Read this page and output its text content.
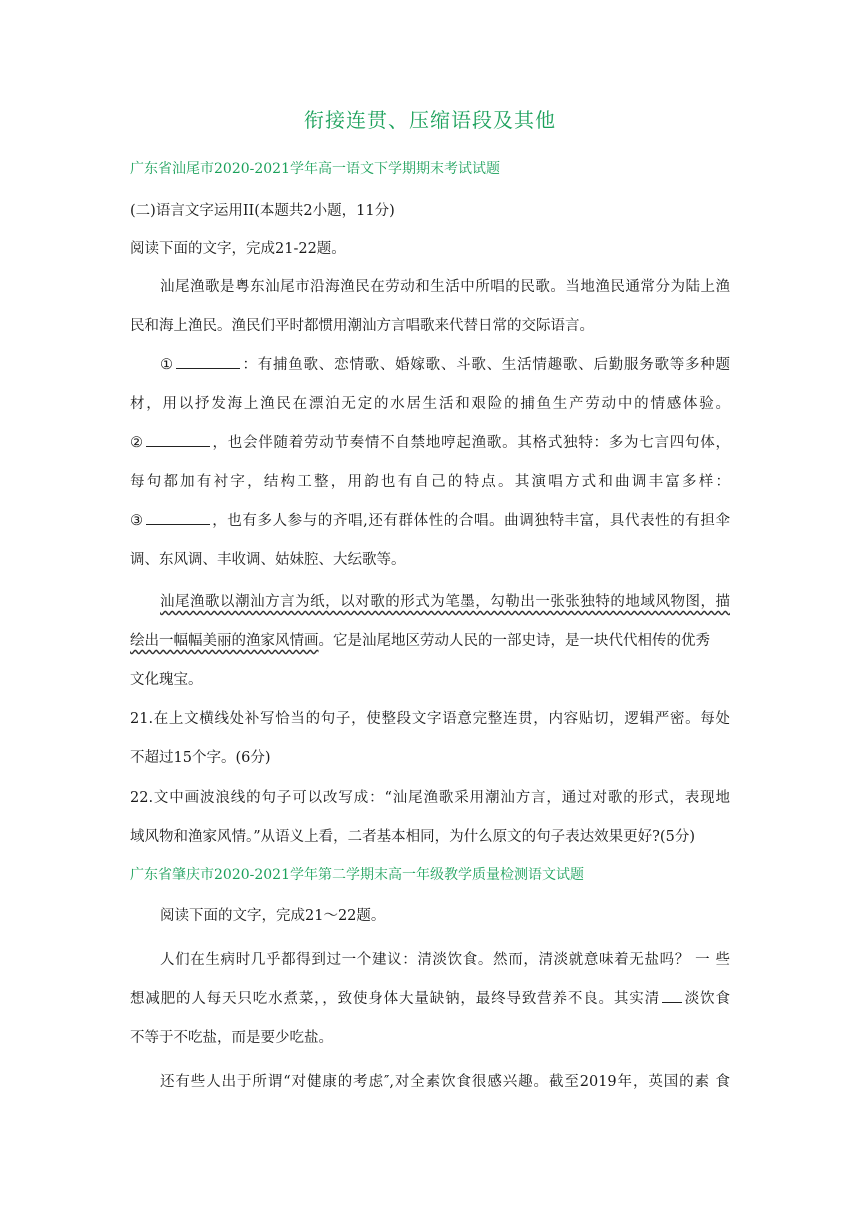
衔接连贯、压缩语段及其他
广东省汕尾市2020-2021学年高一语文下学期期末考试试题
(二)语言文字运用II(本题共2小题，11分)
阅读下面的文字，完成21-22题。
汕尾渔歌是粤东汕尾市沿海渔民在劳动和生活中所唱的民歌。当地渔民通常分为陆上渔
民和海上渔民。渔民们平时都惯用潮汕方言唱歌来代替日常的交际语言。
①	：有捕鱼歌、恋情歌、婚嫁歌、斗歌、生活情趣歌、后勤服务歌等多种题
材，用以抒发海上渔民在漂泊无定的水居生活和艰险的捕鱼生产劳动中的情感体验。
②	，也会伴随着劳动节奏情不自禁地哼起渔歌。其格式独特：多为七言四句体，
每句都加有衬字，结构工整，用韵也有自己的特点。其演唱方式和曲调丰富多样：
③	，也有多人参与的齐唱,还有群体性的合唱。曲调独特丰富，具代表性的有担伞
调、东风调、丰收调、姑妹腔、大纭歌等。
汕尾渔歌以潮汕方言为纸，以对歌的形式为笔墨，勾勒出一张张独特的地域风物图，描
绘出一幅幅美丽的渔家风情画。它是汕尾地区劳动人民的一部史诗，是一块代代相传的优秀
文化瑰宝。
21.在上文横线处补写恰当的句子，使整段文字语意完整连贯，内容贴切，逻辑严密。每处
不超过15个字。(6分)
22.文中画波浪线的句子可以改写成：“汕尾渔歌采用潮汕方言，通过对歌的形式，表现地
域风物和渔家风情。”从语义上看，二者基本相同，为什么原文的句子表达效果更好?(5分)
广东省肇庆市2020-2021学年第二学期末高一年级教学质量检测语文试题
阅读下面的文字，完成21～22题。
人们在生病时几乎都得到过一个建议：清淡饮食。然而，清淡就意味着无盐吗？ 一 些
想减肥的人每天只吃水煮菜，，致使身体大量缺钠，最终导致营养不良。其实清 淡饮食
不等于不吃盐，而是要少吃盐。
还有些人出于所谓“对健康的考虑″,对全素饮食很感兴趣。截至2019年，英国的素 食
